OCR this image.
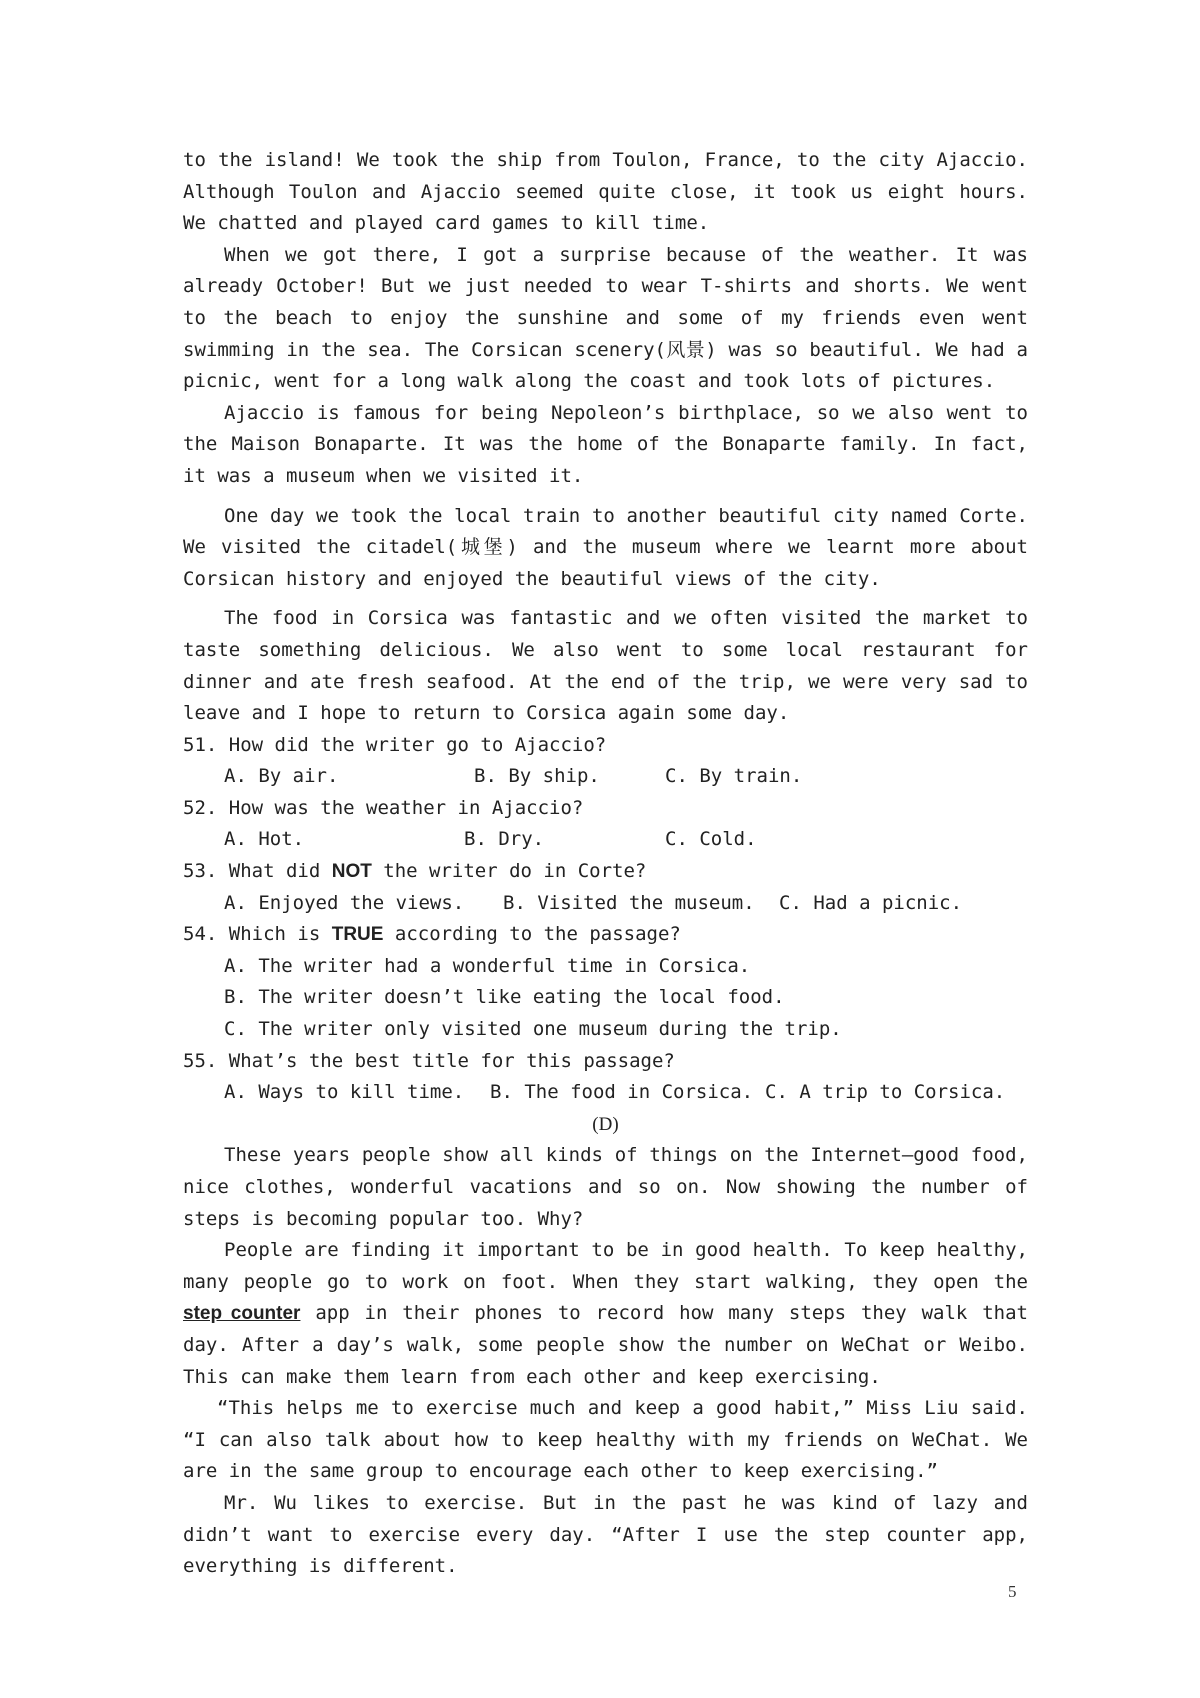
to the island! We took the ship from Toulon, France, to the city Ajaccio. Although Toulon and Ajaccio seemed quite close, it took us eight hours. We chatted and played card games to kill time.

When we got there, I got a surprise because of the weather. It was already October! But we just needed to wear T-shirts and shorts. We went to the beach to enjoy the sunshine and some of my friends even went swimming in the sea. The Corsican scenery(风景) was so beautiful. We had a picnic, went for a long walk along the coast and took lots of pictures.

Ajaccio is famous for being Nepoleon’s birthplace, so we also went to the Maison Bonaparte. It was the home of the Bonaparte family. In fact, it was a museum when we visited it.

One day we took the local train to another beautiful city named Corte. We visited the citadel(城堡) and the museum where we learnt more about Corsican history and enjoyed the beautiful views of the city.

The food in Corsica was fantastic and we often visited the market to taste something delicious. We also went to some local restaurant for dinner and ate fresh seafood. At the end of the trip, we were very sad to leave and I hope to return to Corsica again some day.

51. How did the writer go to Ajaccio?
A. By air.	B. By ship.	C. By train.
52. How was the weather in Ajaccio?
A. Hot.	B. Dry.	C. Cold.
53. What did NOT the writer do in Corte?
A. Enjoyed the views. B. Visited the museum. C. Had a picnic.
54. Which is TRUE according to the passage?
A. The writer had a wonderful time in Corsica.
B. The writer doesn’t like eating the local food.
C. The writer only visited one museum during the trip.
55. What’s the best title for this passage?
A. Ways to kill time. B. The food in Corsica. C. A trip to Corsica.
(D)

These years people show all kinds of things on the Internet—good food, nice clothes, wonderful vacations and so on. Now showing the number of steps is becoming popular too. Why?

People are finding it important to be in good health. To keep healthy, many people go to work on foot. When they start walking, they open the step counter app in their phones to record how many steps they walk that day. After a day’s walk, some people show the number on WeChat or Weibo. This can make them learn from each other and keep exercising.

“This helps me to exercise much and keep a good habit,” Miss Liu said. “I can also talk about how to keep healthy with my friends on WeChat. We are in the same group to encourage each other to keep exercising.”

Mr. Wu likes to exercise. But in the past he was kind of lazy and didn’t want to exercise every day. “After I use the step counter app, everything is different.

5
